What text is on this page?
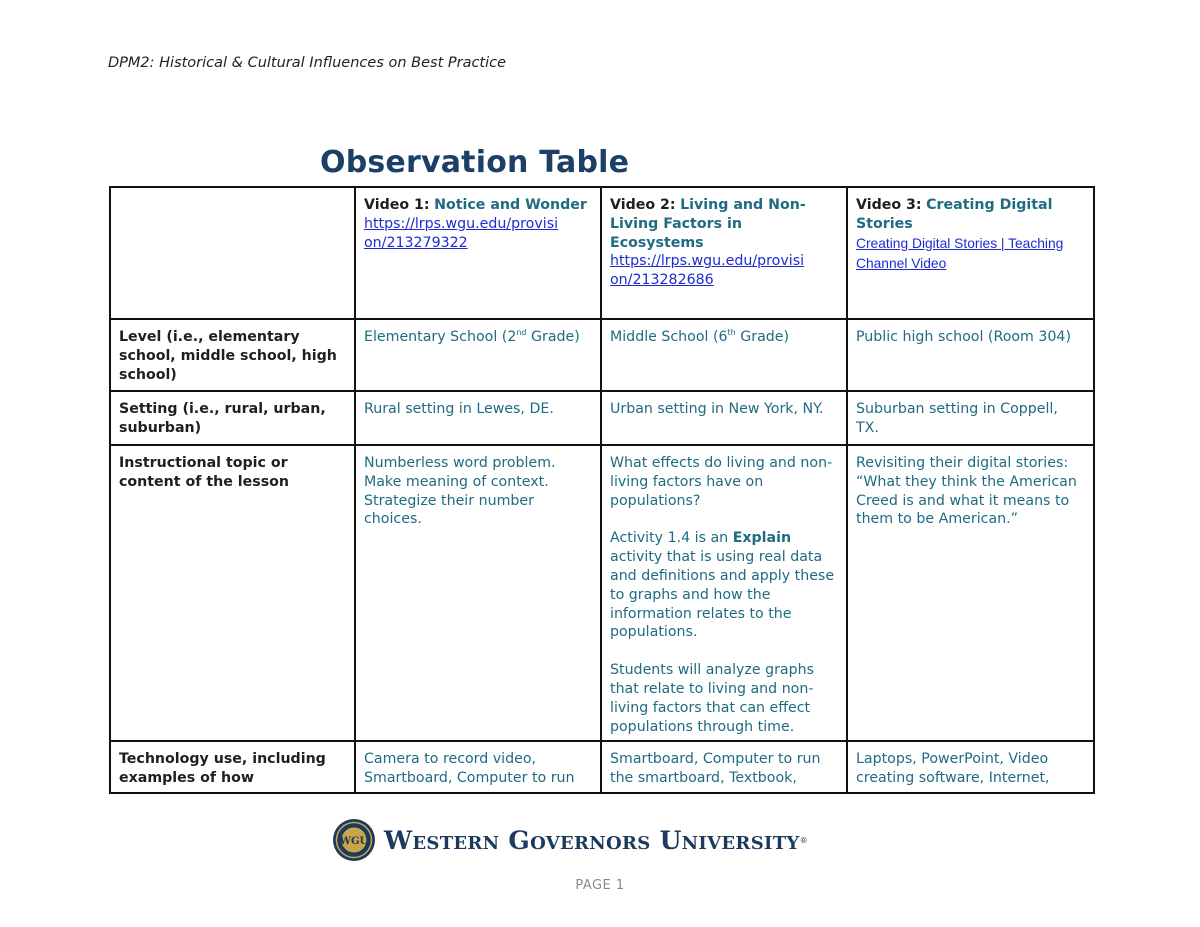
DPM2: Historical & Cultural Influences on Best Practice
Observation Table
	Video 1: Notice and Wonder
https://lrps.wgu.edu/provisi
on/213279322	Video 2: Living and Non-
Living Factors in
Ecosystems
https://lrps.wgu.edu/provisi
on/213282686	Video 3: Creating Digital Stories
Creating Digital Stories | Teaching Channel Video
Level (i.e., elementary school, middle school, high school)	Elementary School (2nd Grade)	Middle School (6th Grade)	Public high school (Room 304)
Setting (i.e., rural, urban, suburban)	Rural setting in Lewes, DE.	Urban setting in New York, NY.	Suburban setting in Coppell, TX.
Instructional topic or content of the lesson	Numberless word problem. Make meaning of context. Strategize their number choices.	What effects do living and non-living factors have on populations?
Activity 1.4 is an Explain activity that is using real data and definitions and apply these to graphs and how the information relates to the populations.
Students will analyze graphs that relate to living and non-living factors that can effect populations through time.	Revisiting their digital stories: “What they think the American Creed is and what it means to them to be American.”
Technology use, including examples of how	Camera to record video, Smartboard, Computer to run	Smartboard, Computer to run the smartboard, Textbook,	Laptops, PowerPoint, Video creating software, Internet,
WGU Western Governors University ®
PAGE 1
